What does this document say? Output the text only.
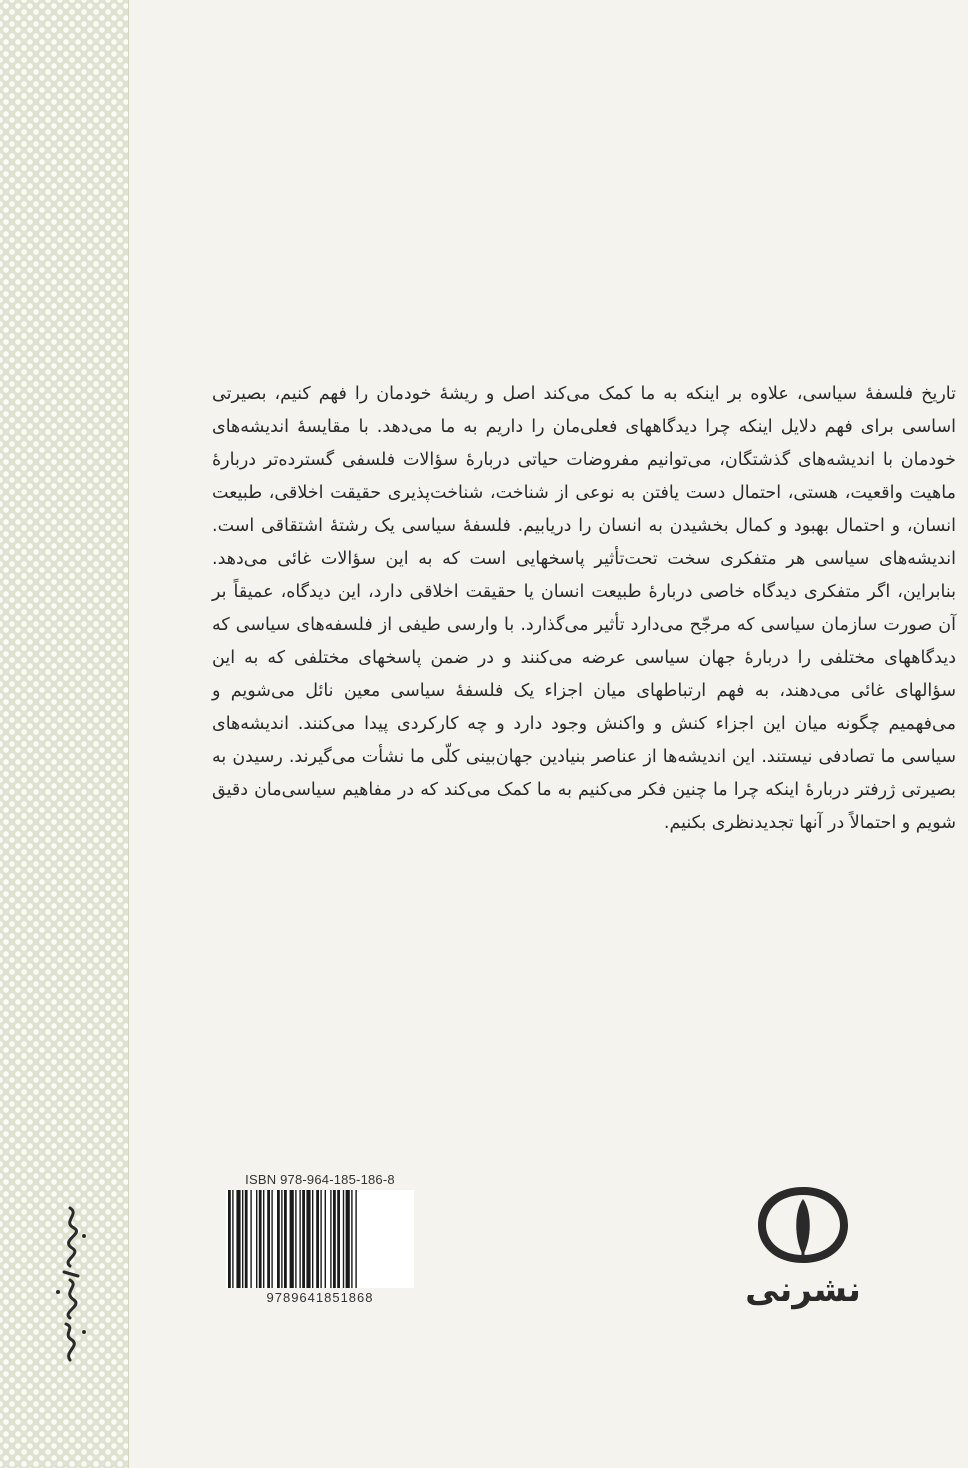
تاریخ فلسفهٔ سیاسی، علاوه بر اینکه به ما کمک می‌کند اصل و ریشهٔ خودمان را فهم کنیم، بصیرتی اساسی برای فهم دلایل اینکه چرا دیدگاههای فعلی‌مان را داریم به ما می‌دهد. با مقایسهٔ اندیشه‌های خودمان با اندیشه‌های گذشتگان، می‌توانیم مفروضات حیاتی دربارهٔ سؤالات فلسفی گسترده‌تر دربارهٔ ماهیت واقعیت، هستی، احتمال دست یافتن به نوعی از شناخت، شناخت‌پذیری حقیقت اخلاقی، طبیعت انسان، و احتمال بهبود و کمال بخشیدن به انسان را دریابیم. فلسفهٔ سیاسی یک رشتهٔ اشتقاقی است. اندیشه‌های سیاسی هر متفکری سخت تحت‌تأثیر پاسخهایی است که به این سؤالات غائی می‌دهد. بنابراین، اگر متفکری دیدگاه خاصی دربارهٔ طبیعت انسان یا حقیقت اخلاقی دارد، این دیدگاه، عمیقاً بر آن صورت سازمان سیاسی که مرجّح می‌دارد تأثیر می‌گذارد. با وارسی طیفی از فلسفه‌های سیاسی که دیدگاههای مختلفی را دربارهٔ جهان سیاسی عرضه می‌کنند و در ضمن پاسخهای مختلفی که به این سؤالهای غائی می‌دهند، به فهم ارتباطهای میان اجزاء یک فلسفهٔ سیاسی معین نائل می‌شویم و می‌فهمیم چگونه میان این اجزاء کنش و واکنش وجود دارد و چه کارکردی پیدا می‌کنند. اندیشه‌های سیاسی ما تصادفی نیستند. این اندیشه‌ها از عناصر بنیادین جهان‌بینی کلّی ما نشأت می‌گیرند. رسیدن به بصیرتی ژرفتر دربارهٔ اینکه چرا ما چنین فکر می‌کنیم به ما کمک می‌کند که در مفاهیم سیاسی‌مان دقیق شویم و احتمالاً در آنها تجدیدنظری بکنیم.

ISBN 978-964-185-186-8
9789641851868	نشرنی
